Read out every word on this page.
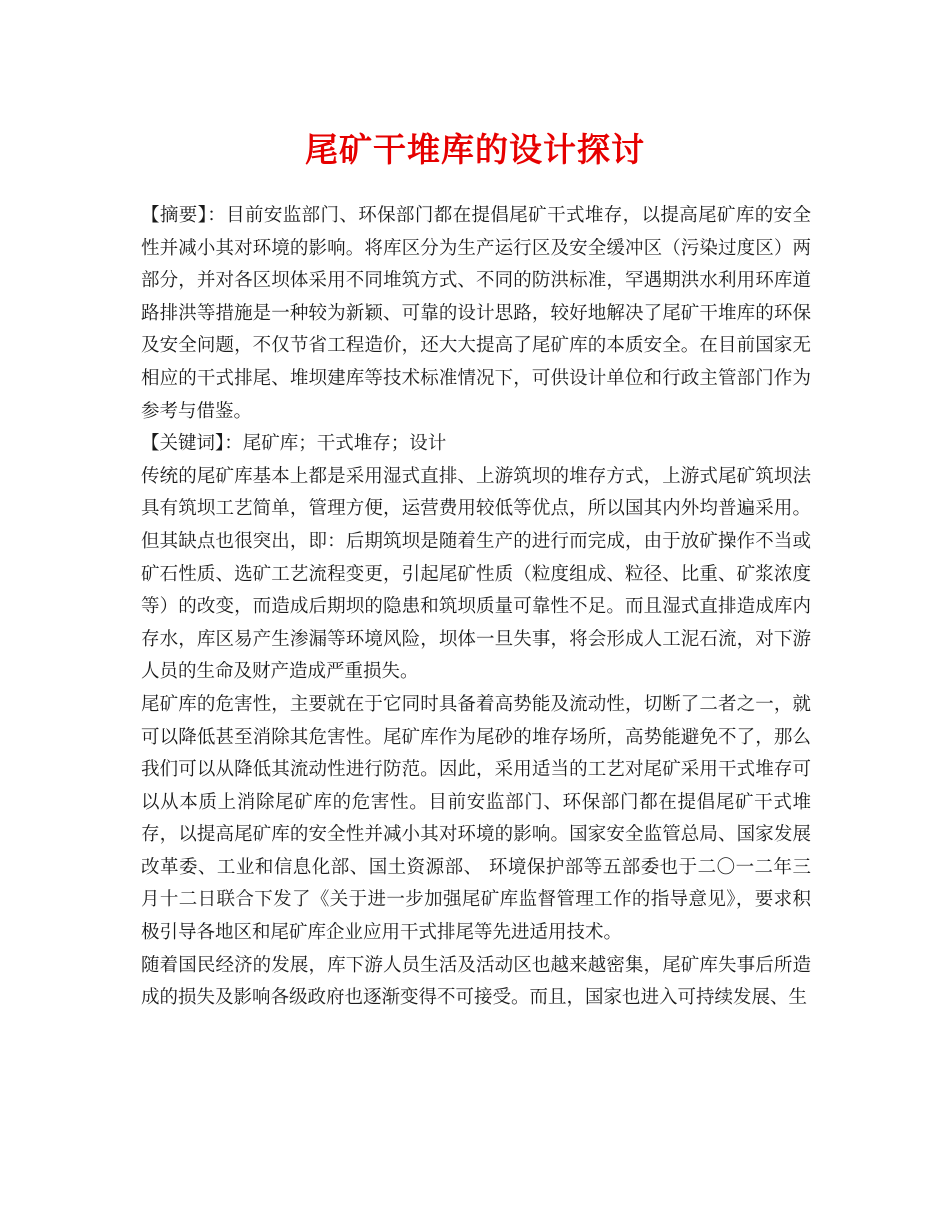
尾矿干堆库的设计探讨

【摘要】：目前安监部门、环保部门都在提倡尾矿干式堆存，以提高尾矿库的安全性并减小其对环境的影响。将库区分为生产运行区及安全缓冲区（污染过度区）两部分，并对各区坝体采用不同堆筑方式、不同的防洪标准，罕遇期洪水利用环库道路排洪等措施是一种较为新颖、可靠的设计思路，较好地解决了尾矿干堆库的环保及安全问题，不仅节省工程造价，还大大提高了尾矿库的本质安全。在目前国家无相应的干式排尾、堆坝建库等技术标准情况下，可供设计单位和行政主管部门作为参考与借鉴。

【关键词】：尾矿库；干式堆存；设计

传统的尾矿库基本上都是采用湿式直排、上游筑坝的堆存方式，上游式尾矿筑坝法具有筑坝工艺简单，管理方便，运营费用较低等优点，所以国其内外均普遍采用。但其缺点也很突出，即：后期筑坝是随着生产的进行而完成，由于放矿操作不当或矿石性质、选矿工艺流程变更，引起尾矿性质（粒度组成、粒径、比重、矿浆浓度等）的改变，而造成后期坝的隐患和筑坝质量可靠性不足。而且湿式直排造成库内存水，库区易产生渗漏等环境风险，坝体一旦失事，将会形成人工泥石流，对下游人员的生命及财产造成严重损失。

尾矿库的危害性，主要就在于它同时具备着高势能及流动性，切断了二者之一，就可以降低甚至消除其危害性。尾矿库作为尾砂的堆存场所，高势能避免不了，那么我们可以从降低其流动性进行防范。因此，采用适当的工艺对尾矿采用干式堆存可以从本质上消除尾矿库的危害性。目前安监部门、环保部门都在提倡尾矿干式堆存，以提高尾矿库的安全性并减小其对环境的影响。国家安全监管总局、国家发展改革委、工业和信息化部、国土资源部、 环境保护部等五部委也于二〇一二年三月十二日联合下发了《关于进一步加强尾矿库监督管理工作的指导意见》，要求积极引导各地区和尾矿库企业应用干式排尾等先进适用技术。

随着国民经济的发展，库下游人员生活及活动区也越来越密集，尾矿库失事后所造成的损失及影响各级政府也逐渐变得不可接受。而且，国家也进入可持续发展、生
